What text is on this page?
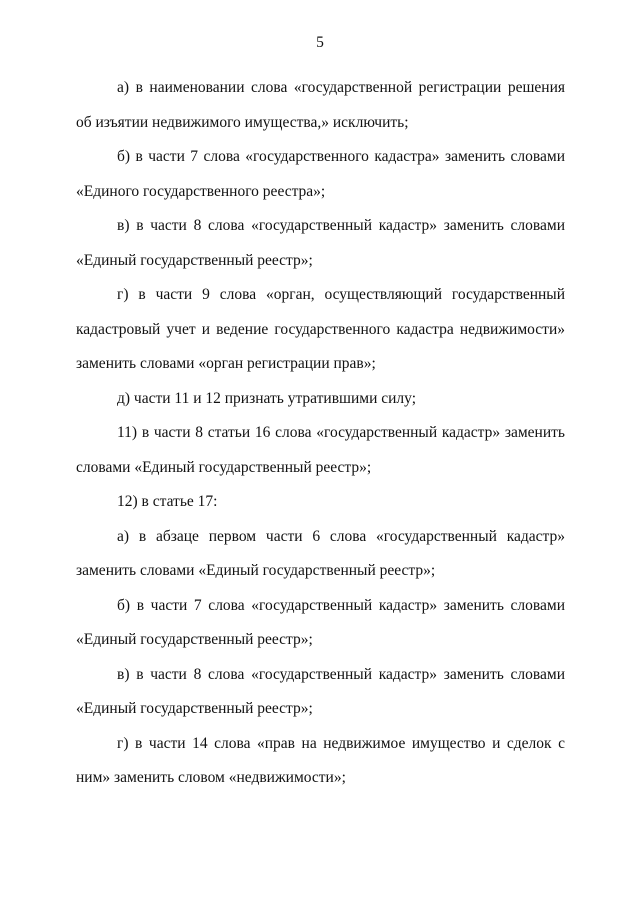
5

а) в наименовании слова «государственной регистрации решения об изъятии недвижимого имущества,» исключить;

б) в части 7 слова «государственного кадастра» заменить словами «Единого государственного реестра»;

в) в части 8 слова «государственный кадастр» заменить словами «Единый государственный реестр»;

г) в части 9 слова «орган, осуществляющий государственный кадастровый учет и ведение государственного кадастра недвижимости» заменить словами «орган регистрации прав»;

д) части 11 и 12 признать утратившими силу;

11) в части 8 статьи 16 слова «государственный кадастр» заменить словами «Единый государственный реестр»;

12) в статье 17:

а) в абзаце первом части 6 слова «государственный кадастр» заменить словами «Единый государственный реестр»;

б) в части 7 слова «государственный кадастр» заменить словами «Единый государственный реестр»;

в) в части 8 слова «государственный кадастр» заменить словами «Единый государственный реестр»;

г) в части 14 слова «прав на недвижимое имущество и сделок с ним» заменить словом «недвижимости»;
